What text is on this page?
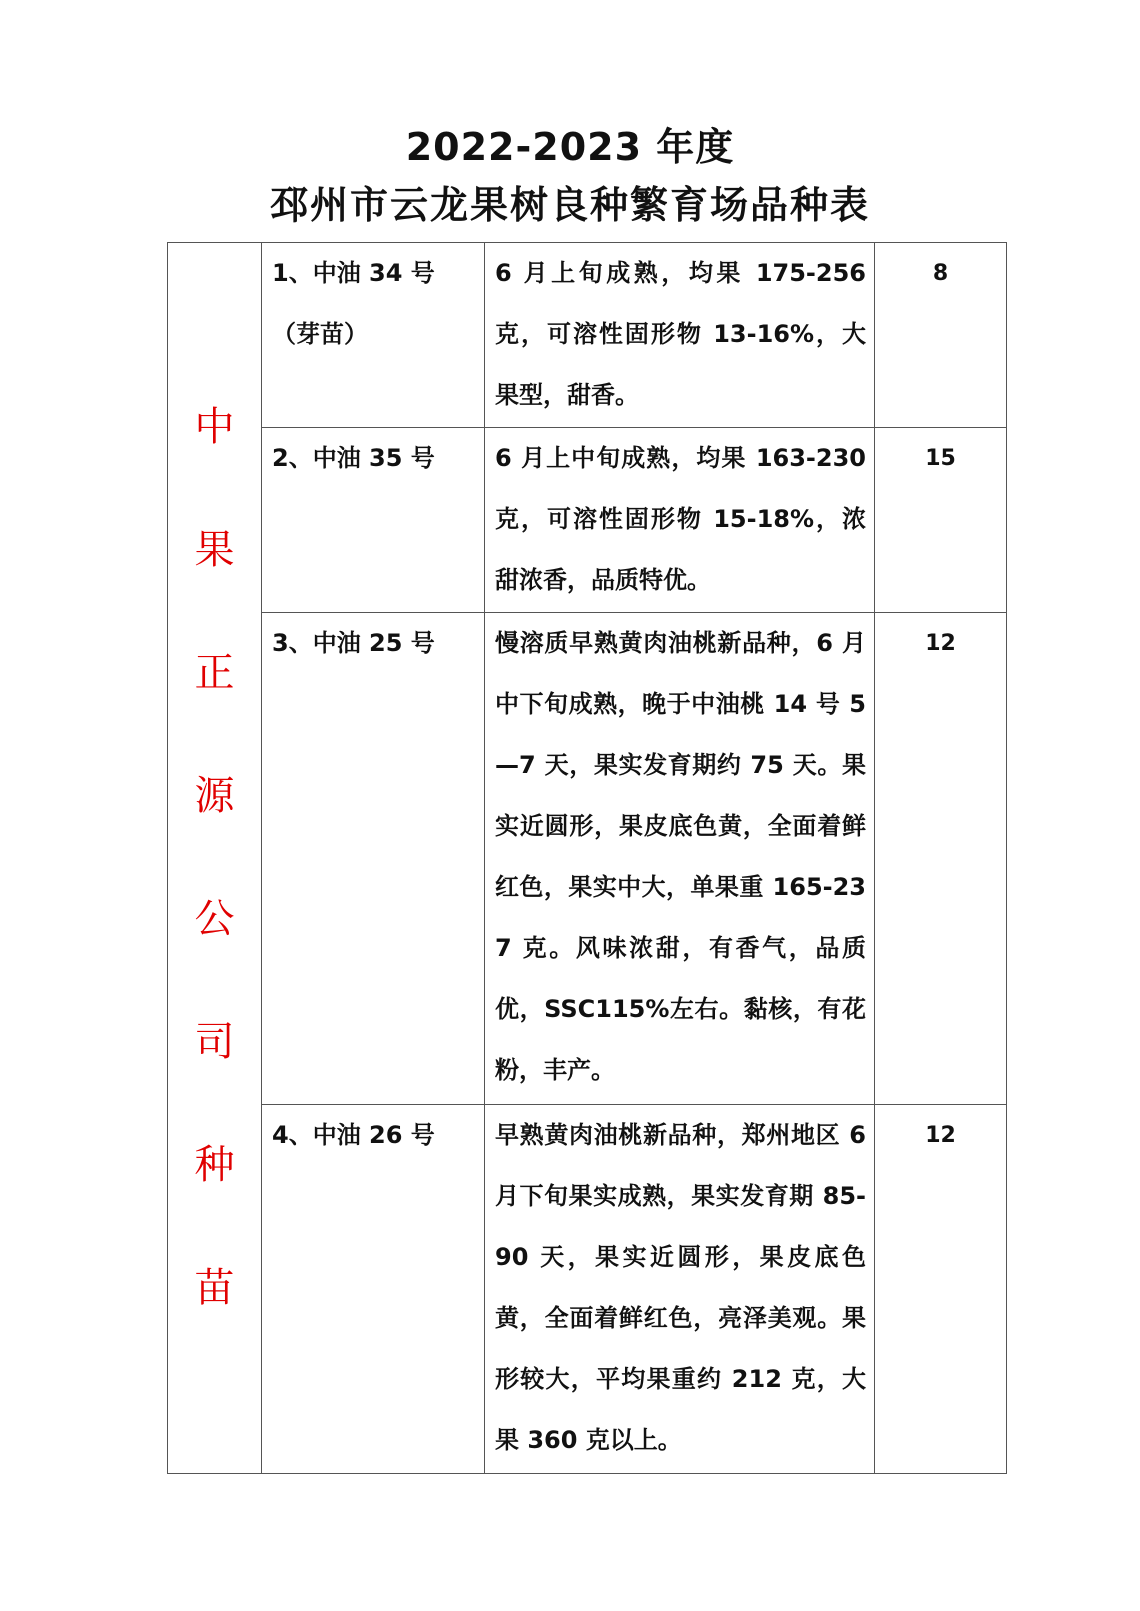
2022-2023 年度
邳州市云龙果树良种繁育场品种表
中果正源公司种苗	1、中油 34 号（芽苗）	6 月上旬成熟，均果 175-256 克，可溶性固形物 13-16%，大果型，甜香。	8

	2、中油 35 号	6 月上中旬成熟，均果 163-230 克，可溶性固形物 15-18%，浓甜浓香，品质特优。	15

	3、中油 25 号	慢溶质早熟黄肉油桃新品种，6 月中下旬成熟，晚于中油桃 14 号 5—7 天，果实发育期约 75 天。果实近圆形，果皮底色黄，全面着鲜红色，果实中大，单果重 165-237 克。风味浓甜，有香气，品质优，SSC115%左右。黏核，有花粉，丰产。	12

	4、中油 26 号	早熟黄肉油桃新品种，郑州地区 6 月下旬果实成熟，果实发育期 85-90 天，果实近圆形，果皮底色黄，全面着鲜红色，亮泽美观。果形较大，平均果重约 212 克，大果 360 克以上。	12
